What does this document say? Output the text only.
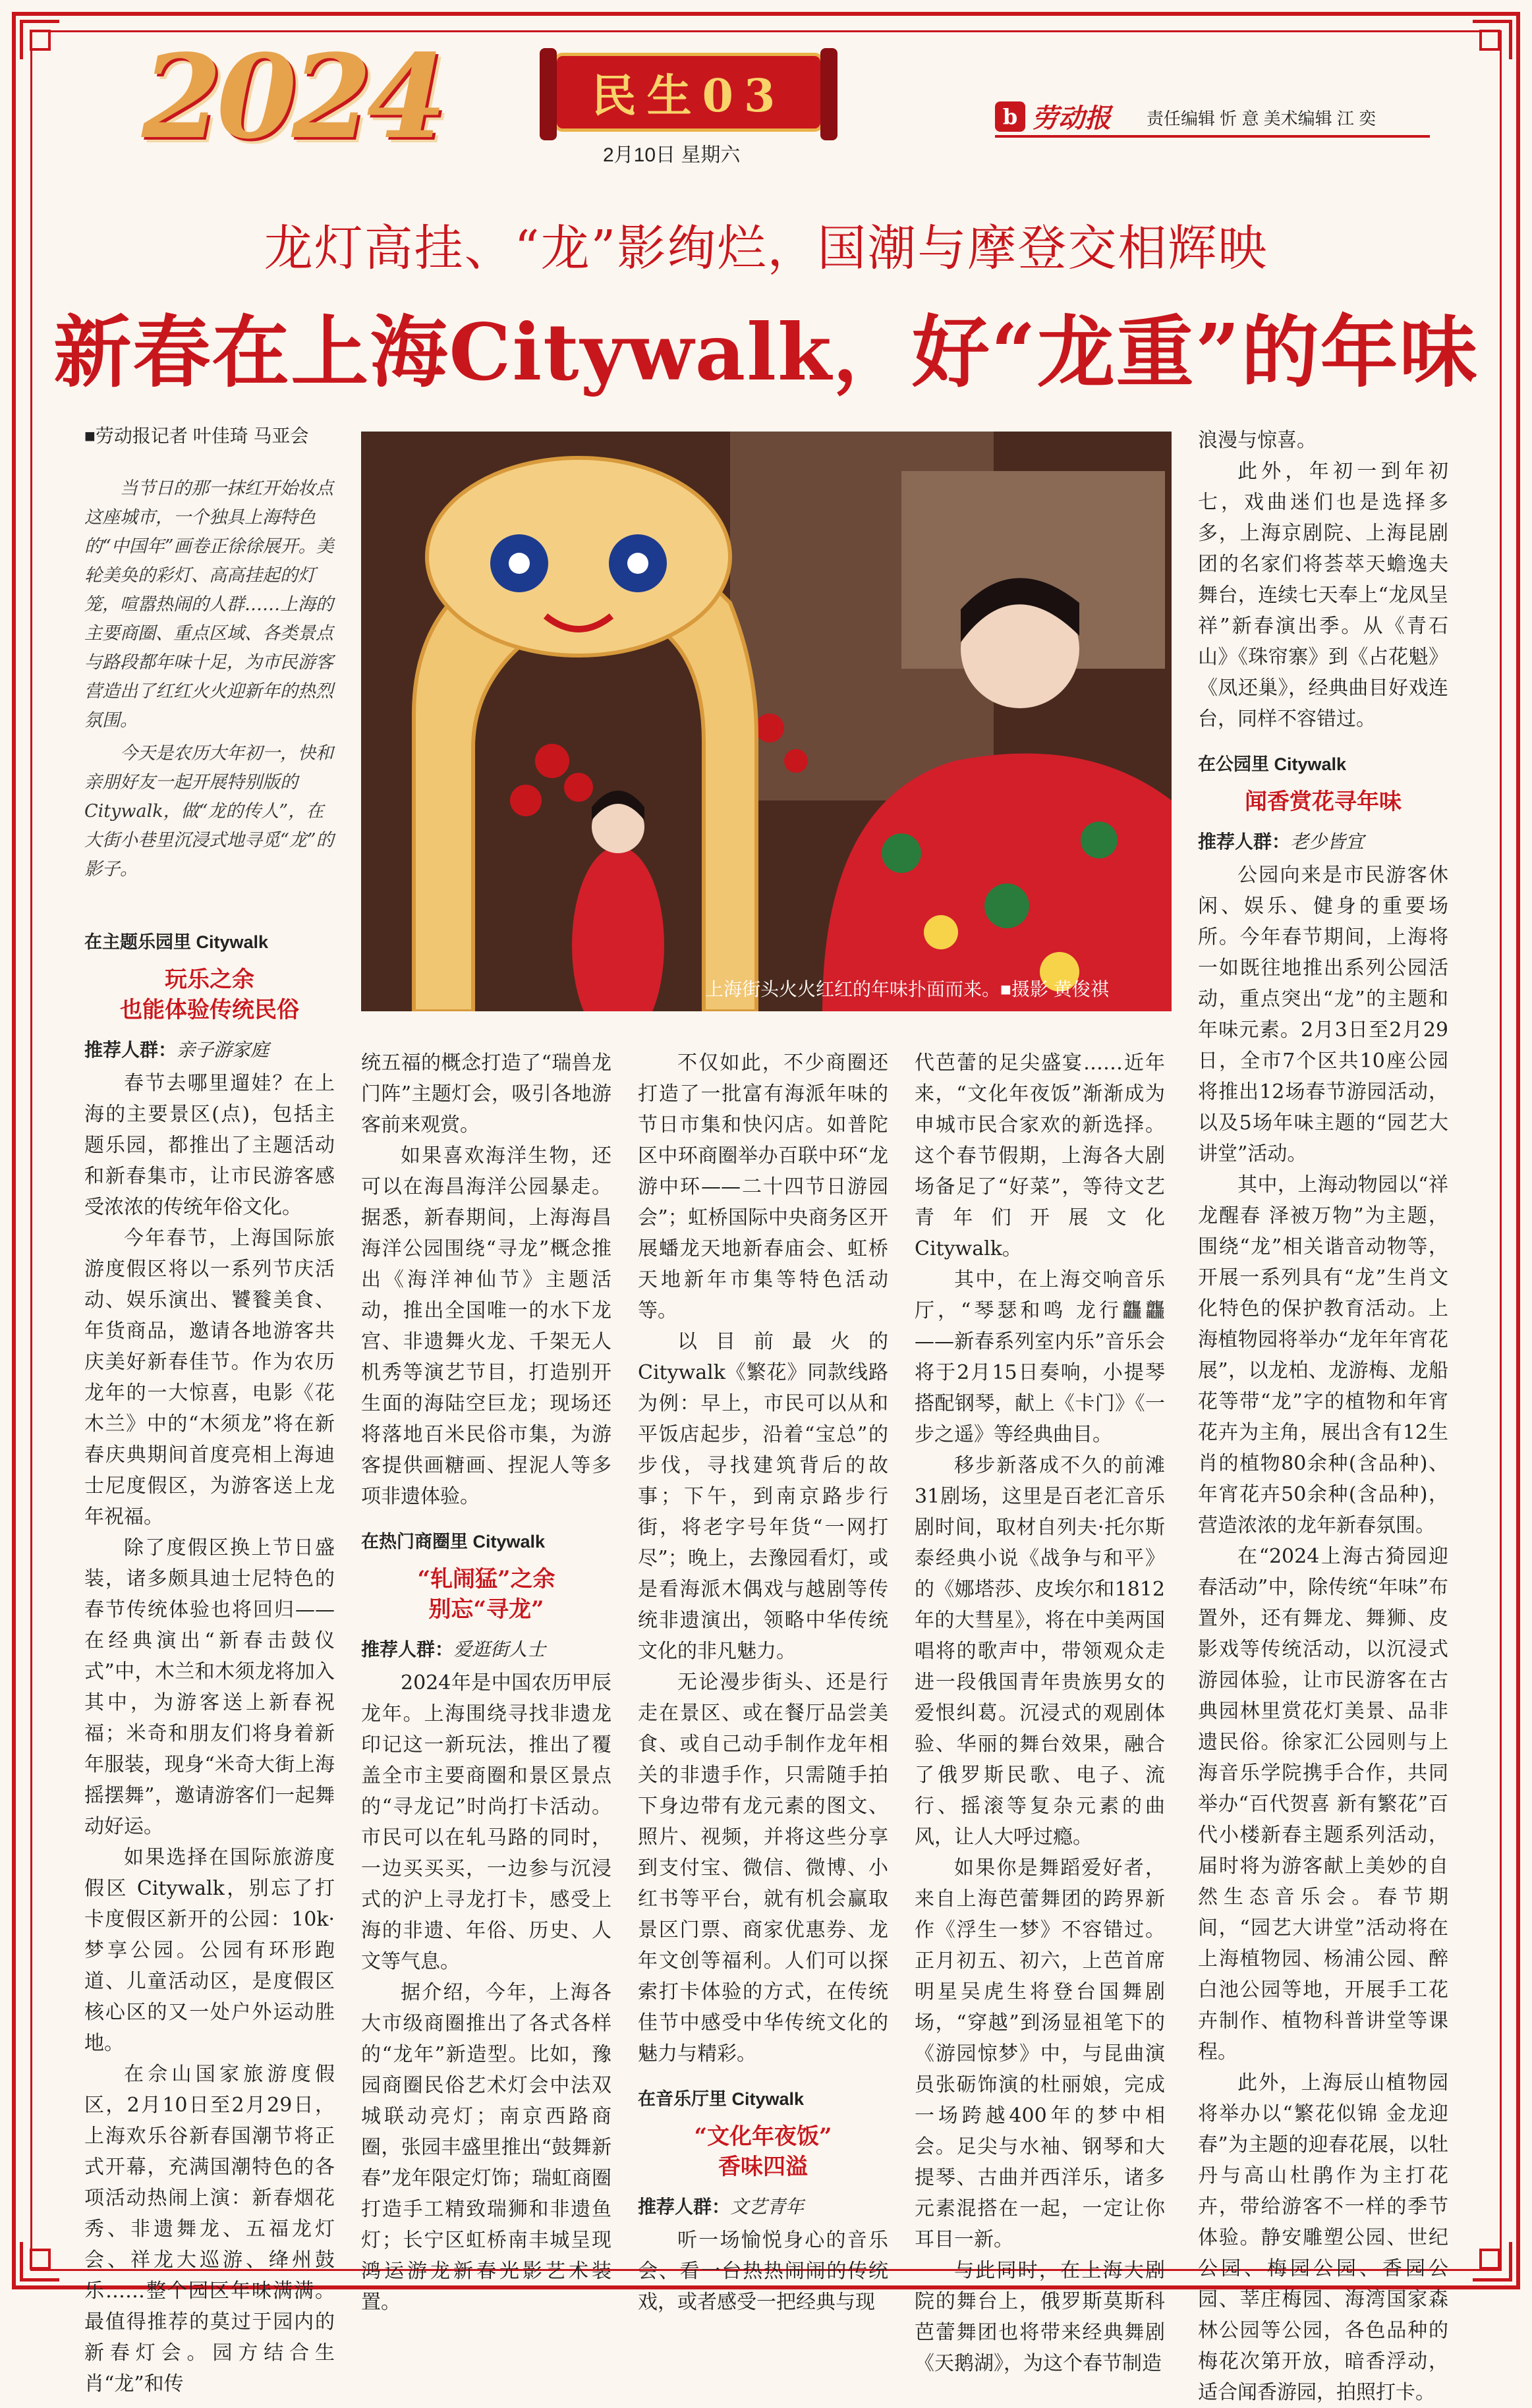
2024	民生03
2月10日 星期六
b 劳动报 责任编辑 忻 意 美术编辑 江 奕
龙灯高挂、“龙”影绚烂，国潮与摩登交相辉映
新春在上海Citywalk，好“龙重”的年味
■劳动报记者 叶佳琦 马亚会

当节日的那一抹红开始妆点这座城市，一个独具上海特色的“中国年”画卷正徐徐展开。美轮美奂的彩灯、高高挂起的灯笼，喧嚣热闹的人群……上海的主要商圈、重点区域、各类景点与路段都年味十足，为市民游客营造出了红红火火迎新年的热烈氛围。

今天是农历大年初一，快和亲朋好友一起开展特别版的Citywalk，做“龙的传人”，在大街小巷里沉浸式地寻觅“龙”的影子。

在主题乐园里 Citywalk
玩乐之余
也能体验传统民俗
推荐人群：亲子游家庭

春节去哪里遛娃？在上海的主要景区(点)，包括主题乐园，都推出了主题活动和新春集市，让市民游客感受浓浓的传统年俗文化。

今年春节，上海国际旅游度假区将以一系列节庆活动、娱乐演出、饕餮美食、年货商品，邀请各地游客共庆美好新春佳节。作为农历龙年的一大惊喜，电影《花木兰》中的“木须龙”将在新春庆典期间首度亮相上海迪士尼度假区，为游客送上龙年祝福。

除了度假区换上节日盛装，诸多颇具迪士尼特色的春节传统体验也将回归——在经典演出“新春击鼓仪式”中，木兰和木须龙将加入其中，为游客送上新春祝福；米奇和朋友们将身着新年服装，现身“米奇大街上海摇摆舞”，邀请游客们一起舞动好运。

如果选择在国际旅游度假区 Citywalk，别忘了打卡度假区新开的公园：10k·梦享公园。公园有环形跑道、儿童活动区，是度假区核心区的又一处户外运动胜地。

在佘山国家旅游度假区，2月10日至2月29日，上海欢乐谷新春国潮节将正式开幕，充满国潮特色的各项活动热闹上演：新春烟花秀、非遗舞龙、五福龙灯会、祥龙大巡游、绛州鼓乐……整个园区年味满满。最值得推荐的莫过于园内的新春灯会。园方结合生肖“龙”和传

上海街头火火红红的年味扑面而来。■摄影 黄俊祺

统五福的概念打造了“瑞兽龙门阵”主题灯会，吸引各地游客前来观赏。

如果喜欢海洋生物，还可以在海昌海洋公园暴走。据悉，新春期间，上海海昌海洋公园围绕“寻龙”概念推出《海洋神仙节》主题活动，推出全国唯一的水下龙宫、非遗舞火龙、千架无人机秀等演艺节目，打造别开生面的海陆空巨龙；现场还将落地百米民俗市集，为游客提供画糖画、捏泥人等多项非遗体验。

在热门商圈里 Citywalk
“轧闹猛”之余
别忘“寻龙”
推荐人群：爱逛街人士

2024年是中国农历甲辰龙年。上海围绕寻找非遗龙印记这一新玩法，推出了覆盖全市主要商圈和景区景点的“寻龙记”时尚打卡活动。市民可以在轧马路的同时，一边买买买，一边参与沉浸式的沪上寻龙打卡，感受上海的非遗、年俗、历史、人文等气息。

据介绍，今年，上海各大市级商圈推出了各式各样的“龙年”新造型。比如，豫园商圈民俗艺术灯会中法双城联动亮灯；南京西路商圈，张园丰盛里推出“鼓舞新春”龙年限定灯饰；瑞虹商圈打造手工精致瑞狮和非遗鱼灯；长宁区虹桥南丰城呈现鸿运游龙新春光影艺术装置。

不仅如此，不少商圈还打造了一批富有海派年味的节日市集和快闪店。如普陀区中环商圈举办百联中环“龙游中环——二十四节日游园会”；虹桥国际中央商务区开展蟠龙天地新春庙会、虹桥天地新年市集等特色活动等。

以目前最火的 Citywalk《繁花》同款线路为例：早上，市民可以从和平饭店起步，沿着“宝总”的步伐，寻找建筑背后的故事；下午，到南京路步行街，将老字号年货“一网打尽”；晚上，去豫园看灯，或是看海派木偶戏与越剧等传统非遗演出，领略中华传统文化的非凡魅力。

无论漫步街头、还是行走在景区、或在餐厅品尝美食、或自己动手制作龙年相关的非遗手作，只需随手拍下身边带有龙元素的图文、照片、视频，并将这些分享到支付宝、微信、微博、小红书等平台，就有机会赢取景区门票、商家优惠券、龙年文创等福利。人们可以探索打卡体验的方式，在传统佳节中感受中华传统文化的魅力与精彩。

在音乐厅里 Citywalk
“文化年夜饭”
香味四溢
推荐人群：文艺青年

听一场愉悦身心的音乐会、看一台热热闹闹的传统戏，或者感受一把经典与现

代芭蕾的足尖盛宴……近年来，“文化年夜饭”渐渐成为申城市民合家欢的新选择。这个春节假期，上海各大剧场备足了“好菜”，等待文艺青年们开展文化 Citywalk。

其中，在上海交响音乐厅，“琴瑟和鸣 龙行龘龘——新春系列室内乐”音乐会将于2月15日奏响，小提琴搭配钢琴，献上《卡门》《一步之遥》等经典曲目。

移步新落成不久的前滩31剧场，这里是百老汇音乐剧时间，取材自列夫·托尔斯泰经典小说《战争与和平》的《娜塔莎、皮埃尔和1812年的大彗星》，将在中美两国唱将的歌声中，带领观众走进一段俄国青年贵族男女的爱恨纠葛。沉浸式的观剧体验、华丽的舞台效果，融合了俄罗斯民歌、电子、流行、摇滚等复杂元素的曲风，让人大呼过瘾。

如果你是舞蹈爱好者，来自上海芭蕾舞团的跨界新作《浮生一梦》不容错过。正月初五、初六，上芭首席明星吴虎生将登台国舞剧场，“穿越”到汤显祖笔下的《游园惊梦》中，与昆曲演员张砺饰演的杜丽娘，完成一场跨越400年的梦中相会。足尖与水袖、钢琴和大提琴、古曲并西洋乐，诸多元素混搭在一起，一定让你耳目一新。

与此同时，在上海大剧院的舞台上，俄罗斯莫斯科芭蕾舞团也将带来经典舞剧《天鹅湖》，为这个春节制造

浪漫与惊喜。

此外，年初一到年初七，戏曲迷们也是选择多多，上海京剧院、上海昆剧团的名家们将荟萃天蟾逸夫舞台，连续七天奉上“龙凤呈祥”新春演出季。从《青石山》《珠帘寨》到《占花魁》《凤还巢》，经典曲目好戏连台，同样不容错过。

在公园里 Citywalk
闻香赏花寻年味
推荐人群：老少皆宜

公园向来是市民游客休闲、娱乐、健身的重要场所。今年春节期间，上海将一如既往地推出系列公园活动，重点突出“龙”的主题和年味元素。2月3日至2月29日，全市7个区共10座公园将推出12场春节游园活动，以及5场年味主题的“园艺大讲堂”活动。

其中，上海动物园以“祥龙醒春 泽被万物”为主题，围绕“龙”相关谐音动物等，开展一系列具有“龙”生肖文化特色的保护教育活动。上海植物园将举办“龙年年宵花展”，以龙柏、龙游梅、龙船花等带“龙”字的植物和年宵花卉为主角，展出含有12生肖的植物80余种(含品种)、年宵花卉50余种(含品种)，营造浓浓的龙年新春氛围。

在“2024上海古猗园迎春活动”中，除传统“年味”布置外，还有舞龙、舞狮、皮影戏等传统活动，以沉浸式游园体验，让市民游客在古典园林里赏花灯美景、品非遗民俗。徐家汇公园则与上海音乐学院携手合作，共同举办“百代贺喜 新有繁花”百代小楼新春主题系列活动，届时将为游客献上美妙的自然生态音乐会。春节期间，“园艺大讲堂”活动将在上海植物园、杨浦公园、醉白池公园等地，开展手工花卉制作、植物科普讲堂等课程。

此外，上海辰山植物园将举办以“繁花似锦 金龙迎春”为主题的迎春花展，以牡丹与高山杜鹃作为主打花卉，带给游客不一样的季节体验。静安雕塑公园、世纪公园、梅园公园、香园公园、莘庄梅园、海湾国家森林公园等公园，各色品种的梅花次第开放，暗香浮动，适合闻香游园，拍照打卡。
